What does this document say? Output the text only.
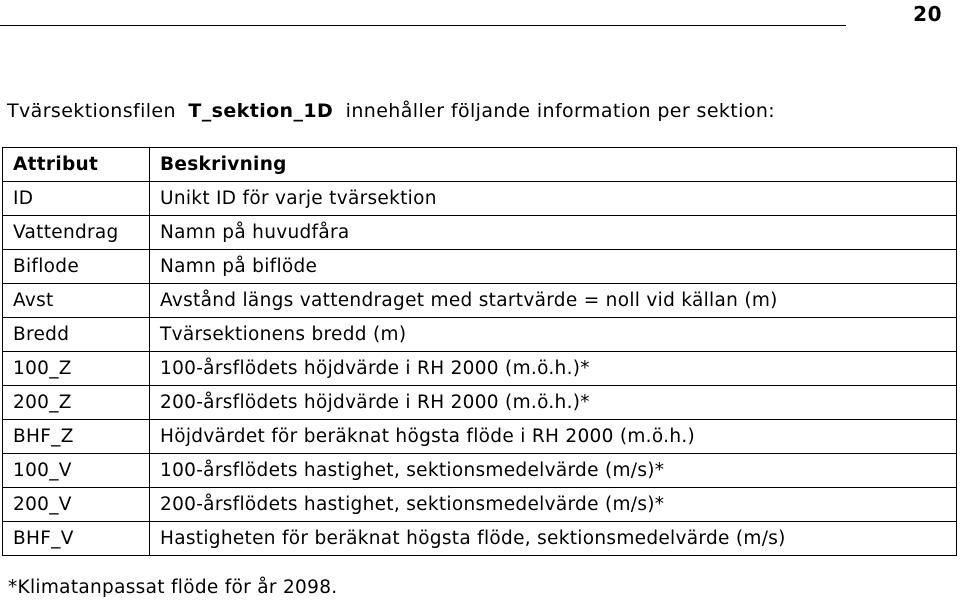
20
Tvärsektionsfilen T_sektion_1D innehåller följande information per sektion:
Attribut	Beskrivning
ID	Unikt ID för varje tvärsektion
Vattendrag	Namn på huvudfåra
Biflode	Namn på biflöde
Avst	Avstånd längs vattendraget med startvärde = noll vid källan (m)
Bredd	Tvärsektionens bredd (m)
100_Z	100-årsflödets höjdvärde i RH 2000 (m.ö.h.)*
200_Z	200-årsflödets höjdvärde i RH 2000 (m.ö.h.)*
BHF_Z	Höjdvärdet för beräknat högsta flöde i RH 2000 (m.ö.h.)
100_V	100-årsflödets hastighet, sektionsmedelvärde (m/s)*
200_V	200-årsflödets hastighet, sektionsmedelvärde (m/s)*
BHF_V	Hastigheten för beräknat högsta flöde, sektionsmedelvärde (m/s)
*Klimatanpassat flöde för år 2098.
